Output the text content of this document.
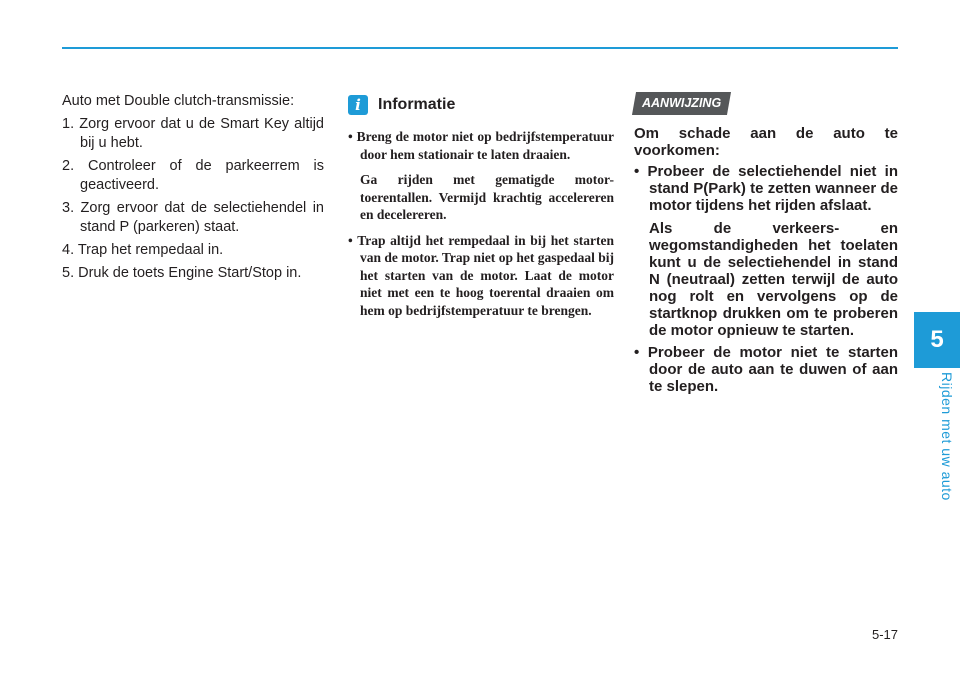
5
Rijden met uw auto

Auto met Double clutch-transmissie:

1. Zorg ervoor dat u de Smart Key altijd bij u hebt.
2. Controleer of de parkeerrem is geactiveerd.
3. Zorg ervoor dat de selectiehendel in stand P (parkeren) staat.
4. Trap het rempedaal in.
5. Druk de toets Engine Start/Stop in.
i	Informatie
• Breng de motor niet op bedrijfstemperatuur door hem stationair te laten draaien.
Ga rijden met gematigde motor-toerentallen. Vermijd krachtig accelereren en decelereren.
• Trap altijd het rempedaal in bij het starten van de motor. Trap niet op het gaspedaal bij het starten van de motor. Laat de motor niet met een te hoog toerental draaien om hem op bedrijfstemperatuur te brengen.
AANWIJZING

Om schade aan de auto te voorkomen:

• Probeer de selectiehendel niet in stand P(Park) te zetten wanneer de motor tijdens het rijden afslaat.
Als de verkeers- en wegomstandigheden het toelaten kunt u de selectiehendel in stand N (neutraal) zetten terwijl de auto nog rolt en vervolgens op de startknop drukken om te proberen de motor opnieuw te starten.
• Probeer de motor niet te starten door de auto aan te duwen of aan te slepen.
5-17
